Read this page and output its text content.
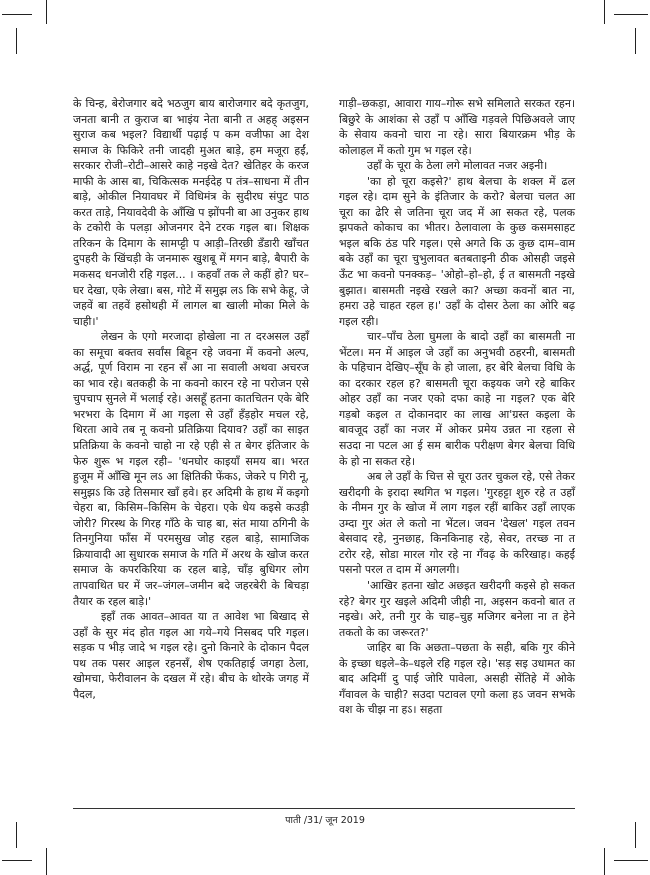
के चिन्ह, बेरोजगार बदे भठजुग बाय बारोजगार बदे कृतजुग, जनता बानी त कुराज बा भाइंय नेता बानी त अहह् अइसन सुराज कब भइल? विद्यार्थी पढ़ाई प कम वजीफा आ देश समाज के फिकिरे तनी जादही मुअत बाड़े, हम मजूरा हईं, सरकार रोजी–रोटी–आसरे काहे नइखे देत? खेतिहर के करज माफी के आस बा, चिकित्सक मनईदेह प तंत्र–साधना में तीन बाड़े, ओकील नियावघर में विधिमंत्र के सुदीरघ संपुट पाठ करत ताड़े, नियावदेवी के आँखि प झोंपनी बा आ उनुकर हाथ के टकोरी के पलड़ा ओजनगर देने टरक गइल बा। शिक्षक तरिकन के दिमाग के सामप्ट्टी प आड़ी–तिरछी डँडारी खाँचत दुपहरी के खिंचड़ी के जनमारू खुशबू में मगन बाड़े, बैपारी के मकसद धनजोरी रहि गइल... । कहवाँ तक ले कहीं हो? घर–घर देखा, एके लेखा। बस, गोटे में समुझ लऽ कि सभे केहू, जे जहवें बा तहवें हसोथही में लागल बा खाली मोका मिले के चाही।'

लेखन के एगो मरजादा होखेला ना त दरअसल उहाँ का समूचा बक्तव सर्वांस बिहून रहे जवना में कवनो अल्प, अर्द्ध, पूर्ण विराम ना रहन सँ आ ना सवाली अथवा अचरज का भाव रहे। बतकही के ना कवनो कारन रहे ना परोजन एसे चुपचाप सुनले में भलाई रहे। असहूँ हतना कातचितन एके बेरि भरभरा के दिमाग में आ गइला से उहाँ हँड़होर मचल रहे, थिरता आवे तब नू कवनो प्रतिक्रिया दियाव? उहाँ का साइत प्रतिक्रिया के कवनो चाहो ना रहे एही से त बेगर इंतिजार के फेरु शुरू भ गइल रही– 'धनघोर काइयाँ समय बा। भरत हुजूम में आँखि मून लऽ आ क्षितिकी फेंकऽ, जेकरे प गिरी नू, समुझऽ कि उहे तिसमार खाँ हवे। हर अदिमी के हाथ में कइगो चेहरा बा, किसिम–किसिम के चेहरा। एके धेय कइसे कउड़ी जोरी? गिरस्थ के गिरह गाँठे के चाह बा, संत माया ठगिनी के तिनगुनिया फाँस में परमसुख जोह रहल बाड़े, सामाजिक क्रियावादी आ सुधारक समाज के गति में अरथ के खोज करत समाज के कपरकिरिया क रहल बाड़े, चाँड़ बुधिगर लोग तापवाथित घर में जर–जंगल–जमीन बदे जहरबेरी के बिचड़ा तैयार क रहल बाड़े।'

इहाँ तक आवत–आवत या त आवेश भा बिखाद से उहाँ के सुर मंद होत गइल आ गये–गये निसबद परि गइल। सड़क प भीड़ जादे भ गइल रहे। दुनो किनारे के दोकान पैदल पथ तक पसर आइल रहनसँ, शेष एकतिहाई जगहा ठेला, खोमचा, फेरीवालन के दखल में रहे। बीच के थोरके जगह में पैदल,

गाड़ी–छकड़ा, आवारा गाय–गोरू सभे समिलाते सरकत रहन। बिछुरे के आशंका से उहाँ प आँखि गड़वले पिछिअवले जाए के सेवाय कवनो चारा ना रहे। सारा बियारक्रम भीड़ के कोलाहल में कतो गुम भ गइल रहे।

उहाँ के चूरा के ठेला लगे मोलावत नजर अइनी।

'का हो चूरा कइसे?' हाथ बेलचा के शक्ल में ढल गइल रहे। दाम सुने के इंतिजार के करो? बेलचा चलत आ चूरा का ढेरि से जतिना चूरा जद में आ सकत रहे, पलक झपकते कोकाच का भीतर। ठेलावाला के कुछ कसमसाहट भइल बकि ठंड परि गइल। एसे अगते कि ऊ कुछ दाम–वाम बके उहाँ का चूरा चुभुलावत बतबताइनी ठीक ओसही जइसे ऊँट भा कवनो पनक्कड़– 'ओहो–हो–हो, ई त बासमती नइखे बुझात। बासमती नइखे रखले का? अच्छा कवनों बात ना, हमरा उहे चाहत रहल ह।' उहाँ के दोसर ठेला का ओरि बढ़ गइल रही।

चार–पाँच ठेला घुमला के बादो उहाँ का बासमती ना भेंटल। मन में आइल जे उहाँ का अनुभवी ठहरनी, बासमती के पहिचान देखिए–सूँघ के हो जाला, हर बेरि बेलचा विधि के का दरकार रहल ह? बासमती चूरा कइयक जगे रहे बाकिर ओहर उहाँ का नजर एको दफा काहे ना गइल? एक बेरि गड़बो कइल त दोकानदार का लाख आ'ग्रस्त कइला के बावजूद उहाँ का नजर में ओकर प्रमेय उन्नत ना रहला से सउदा ना पटल आ ई सम बारीक परीक्षण बेगर बेलचा विधि के हो ना सकत रहे।

अब ले उहाँ के चित्त से चूरा उतर चुकल रहे, एसे तेकर खरीदगी के इरादा स्थगित भ गइल। 'गुरहट्टा शुरु रहे त उहाँ के नीमन गुर के खोज में लाग गइल रहीं बाकिर उहाँ लाएक उम्दा गुर अंत ले कतो ना भेंटल। जवन 'देखल' गइल तवन बेसवाद रहे, नुनछाह, किनकिनाह रहे, सेवर, तरच्छ ना त टरोर रहे, सोडा मारल गोर रहे ना गँवढ़ के करिखाह। कहईं पसनो परल त दाम में अगलगी।

'आखिर हतना खोट अछइत खरीदगी कइसे हो सकत रहे? बेगर गुर खइले अदिमी जीही ना, अइसन कवनो बात त नइखे। अरे, तनी गुर के चाह–चुह मजिगर बनेला ना त हेने तकतो के का जरूरत?'

जाहिर बा कि अछता–पछता के सही, बकि गुर कीने के इच्छा धइले–के–धइले रहि गइल रहे। 'सड़ सइ उधामत का बाद अदिमीं दु पाई जोरि पावेला, असही सेंतिहे में ओके गँवावल के चाही? सउदा पटावल एगो कला हऽ जवन सभके वश के चीझ ना हऽ। सहता

पाती /31/ जून 2019
